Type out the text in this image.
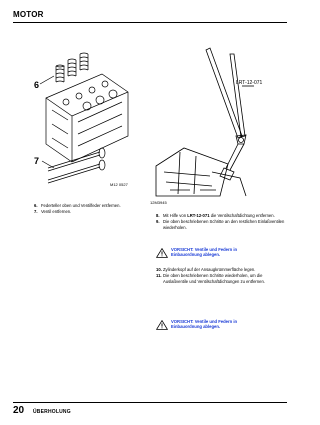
MOTOR
6
7
M12 0527
LRT-12-071
12M3945
6. Federteller oben und Ventilfeder entfernen.
7. Ventil entfernen.
8. Mit Hilfe von LRT-12-071 die Ventilschaftdichtung entfernen.
9. Die oben beschriebenen Schritte an den restlichen Einlaßventilen wiederholen.
VORSICHT: Ventile und Federn in
Einbauordnung ablegen.
10. Zylinderkopf auf der Ansaugkrümmerfläche legen.
11. Die oben beschriebenen Schritte wiederholen, um die Auslaßventile und Ventilschaftdichtungen zu entfernen.
VORSICHT: Ventile und Federn in
Einbauordnung ablegen.
20 ÜBERHOLUNG
